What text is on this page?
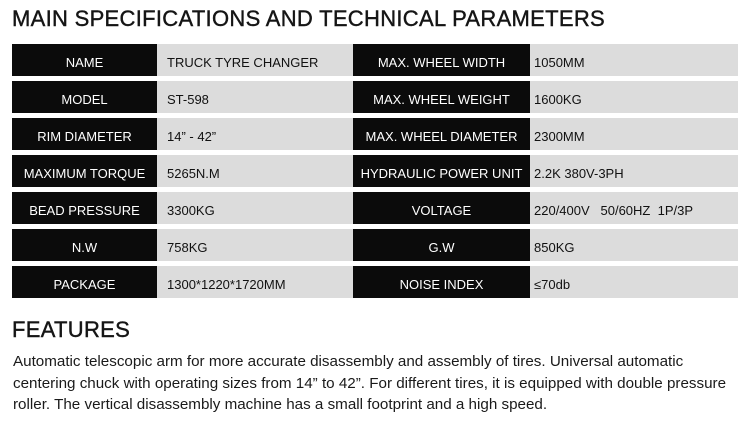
MAIN SPECIFICATIONS AND TECHNICAL PARAMETERS
NAME	TRUCK TYRE CHANGER	MAX. WHEEL WIDTH	1050MM
MODEL	ST-598	MAX. WHEEL WEIGHT	1600KG
RIM DIAMETER	14” - 42”	MAX. WHEEL DIAMETER	2300MM
MAXIMUM TORQUE	5265N.M	HYDRAULIC POWER UNIT 2.2K 380V-3PH
BEAD PRESSURE	3300KG	VOLTAGE	220/400V   50/60HZ  1P/3P
N.W	758KG	G.W	850KG
PACKAGE	1300*1220*1720MM	NOISE INDEX	≤70db
FEATURES
Automatic telescopic arm for more accurate disassembly and assembly of tires. Universal automatic centering chuck with operating sizes from 14” to 42”. For different tires, it is equipped with double pressure roller. The vertical disassembly machine has a small footprint and a high speed.
